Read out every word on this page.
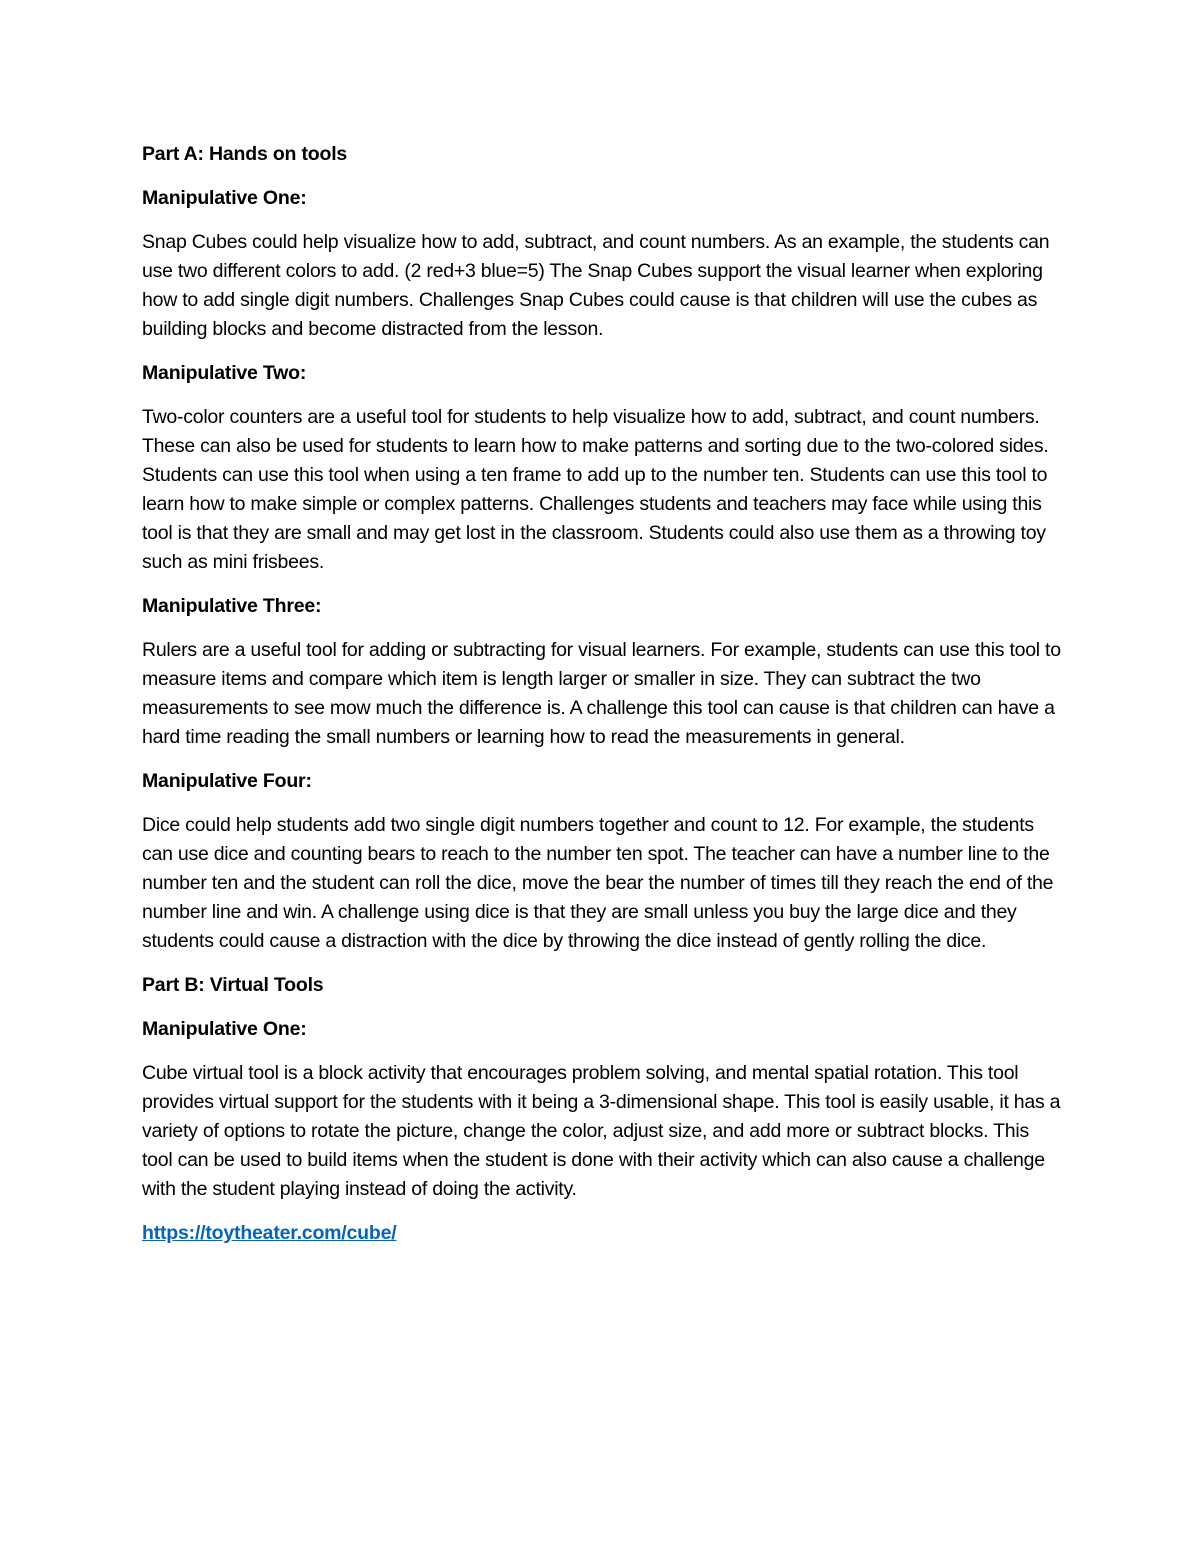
Part A: Hands on tools
Manipulative One:
Snap Cubes could help visualize how to add, subtract, and count numbers. As an example, the students can use two different colors to add. (2 red+3 blue=5) The Snap Cubes support the visual learner when exploring how to add single digit numbers. Challenges Snap Cubes could cause is that children will use the cubes as building blocks and become distracted from the lesson.
Manipulative Two:
Two-color counters are a useful tool for students to help visualize how to add, subtract, and count numbers. These can also be used for students to learn how to make patterns and sorting due to the two-colored sides. Students can use this tool when using a ten frame to add up to the number ten. Students can use this tool to learn how to make simple or complex patterns. Challenges students and teachers may face while using this tool is that they are small and may get lost in the classroom. Students could also use them as a throwing toy such as mini frisbees.
Manipulative Three:
Rulers are a useful tool for adding or subtracting for visual learners. For example, students can use this tool to measure items and compare which item is length larger or smaller in size. They can subtract the two measurements to see mow much the difference is. A challenge this tool can cause is that children can have a hard time reading the small numbers or learning how to read the measurements in general.
Manipulative Four:
Dice could help students add two single digit numbers together and count to 12. For example, the students can use dice and counting bears to reach to the number ten spot. The teacher can have a number line to the number ten and the student can roll the dice, move the bear the number of times till they reach the end of the number line and win. A challenge using dice is that they are small unless you buy the large dice and they students could cause a distraction with the dice by throwing the dice instead of gently rolling the dice.
Part B: Virtual Tools
Manipulative One:
Cube virtual tool is a block activity that encourages problem solving, and mental spatial rotation. This tool provides virtual support for the students with it being a 3-dimensional shape. This tool is easily usable, it has a variety of options to rotate the picture, change the color, adjust size, and add more or subtract blocks. This tool can be used to build items when the student is done with their activity which can also cause a challenge with the student playing instead of doing the activity.
https://toytheater.com/cube/
